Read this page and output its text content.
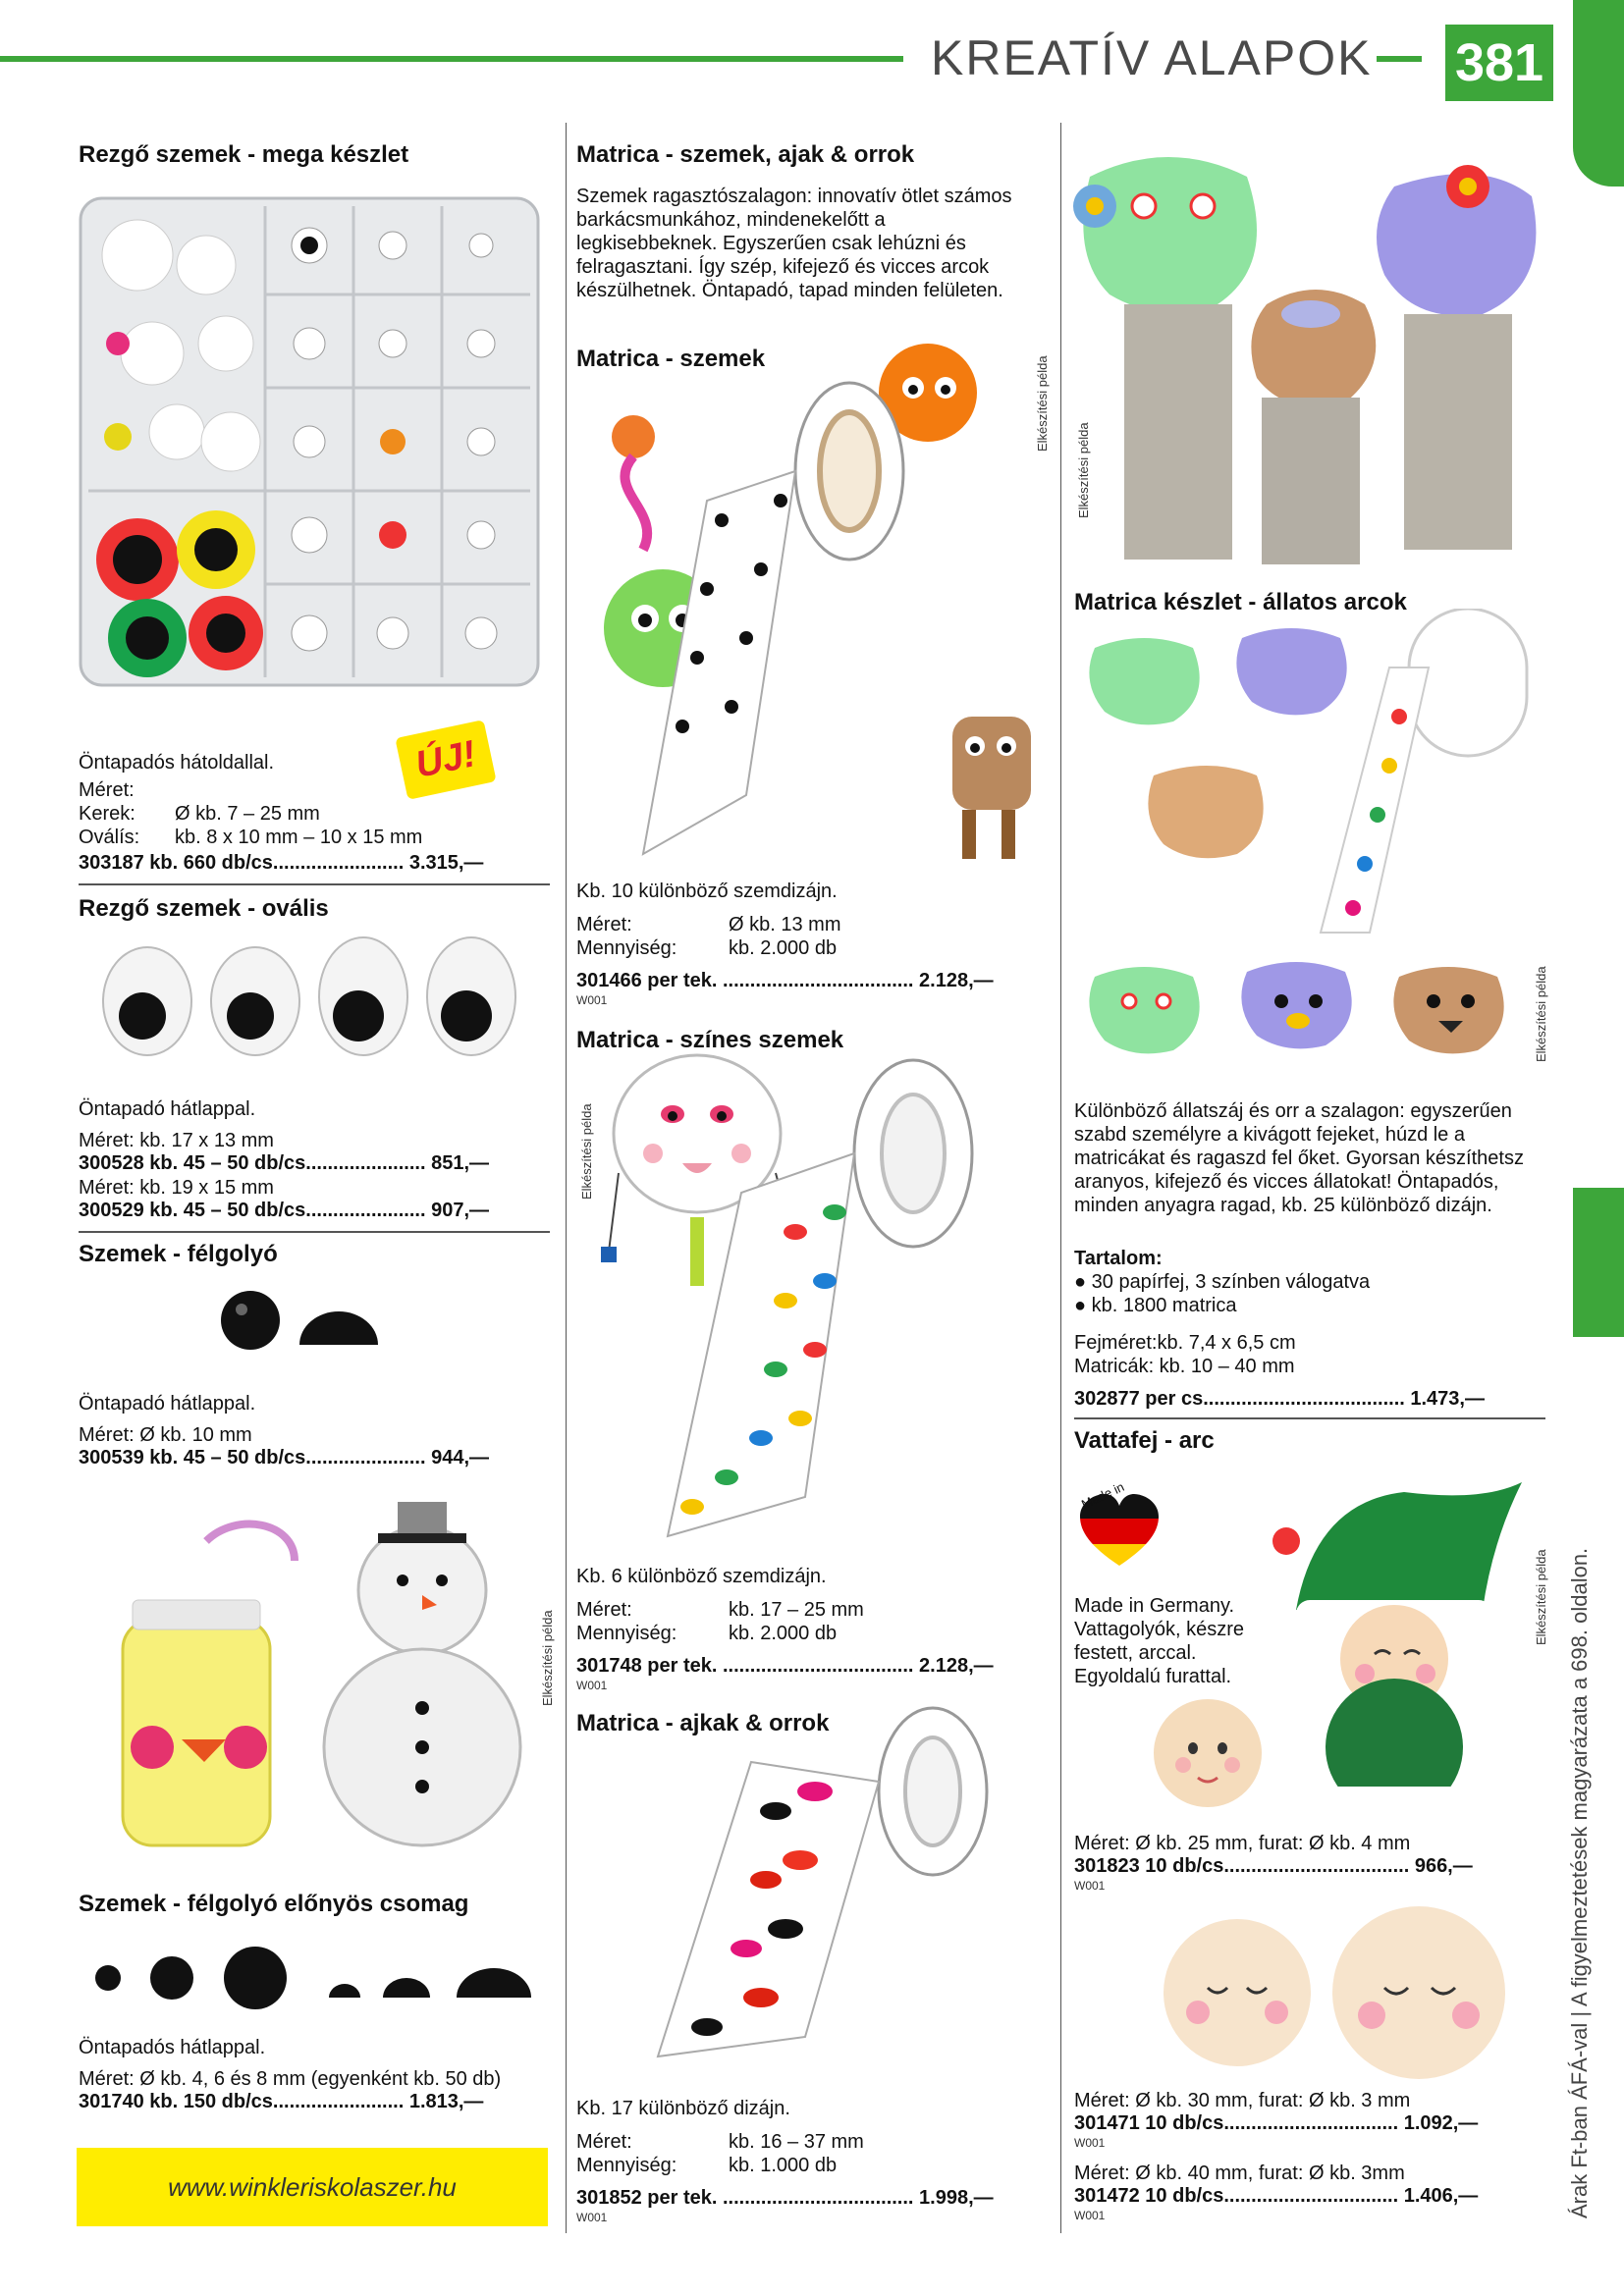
KREATÍV ALAPOK 381
Árak Ft-ban ÁFÁ-val | A figyelmeztetések magyarázata a 698. oldalon.
Rezgő szemek - mega készlet
ÚJ!
Öntapadós hátoldallal.
Méret:
Kerek: Ø kb. 7 – 25 mm
Oválís: kb. 8 x 10 mm – 10 x 15 mm
303187 kb. 660 db/cs........................ 3.315,—
Rezgő szemek - ovális
Öntapadó hátlappal.
Méret: kb. 17 x 13 mm
300528 kb. 45 – 50 db/cs...................... 851,—
Méret: kb. 19 x 15 mm
300529 kb. 45 – 50 db/cs...................... 907,—
Szemek - félgolyó
Öntapadó hátlappal.
Méret: Ø kb. 10 mm
300539 kb. 45 – 50 db/cs...................... 944,—
Elkészítési példa
Szemek - félgolyó előnyös csomag
Öntapadós hátlappal.
Méret: Ø kb. 4, 6 és 8 mm (egyenként kb. 50 db)
301740 kb. 150 db/cs........................ 1.813,—
www.winkleriskolaszer.hu
Matrica - szemek, ajak & orrok
Szemek ragasztószalagon: innovatív ötlet számos barkácsmunkához, mindenekelőtt a legkisebbeknek. Egyszerűen csak lehúzni és felragasztani. Így szép, kifejező és vicces arcok készülhetnek. Öntapadó, tapad minden felületen.
Matrica - szemek	Elkészítési példa
Kb. 10 különböző szemdizájn.
Méret:	Ø kb. 13 mm
Mennyiség:	kb. 2.000 db
301466 per tek. ................................... 2.128,—
W001
Matrica - színes szemek
Elkészítési példa
Kb. 6 különböző szemdizájn.
Méret:	kb. 17 – 25 mm
Mennyiség:	kb. 2.000 db
301748 per tek. ................................... 2.128,—
W001
Matrica - ajkak & orrok
Kb. 17 különböző dizájn.
Méret:	kb. 16 – 37 mm
Mennyiség:	kb. 1.000 db
301852 per tek. ................................... 1.998,—
W001
Elkészítési példa
Matrica készlet - állatos arcok
Elkészítési példa
Különböző állatszáj és orr a szalagon: egyszerűen szabd személyre a kivágott fejeket, húzd le a matricákat és ragaszd fel őket. Gyorsan készíthetsz aranyos, kifejező és vicces állatokat! Öntapadós, minden anyagra ragad, kb. 25 különböző dizájn.
Tartalom:
● 30 papírfej, 3 színben válogatva
● kb. 1800 matrica
Fejméret:kb. 7,4 x 6,5 cm
Matricák: kb. 10 – 40 mm
302877 per cs..................................... 1.473,—
Vattafej - arc
Made in
Elkészítési példa
Made in Germany. Vattagolyók, készre festett, arccal. Egyoldalú furattal.
Méret: Ø kb. 25 mm, furat: Ø kb. 4 mm
301823 10 db/cs.................................. 966,—
W001
Méret: Ø kb. 30 mm, furat: Ø kb. 3 mm
301471 10 db/cs................................ 1.092,—
W001
Méret: Ø kb. 40 mm, furat: Ø kb. 3mm
301472 10 db/cs................................ 1.406,—
W001
